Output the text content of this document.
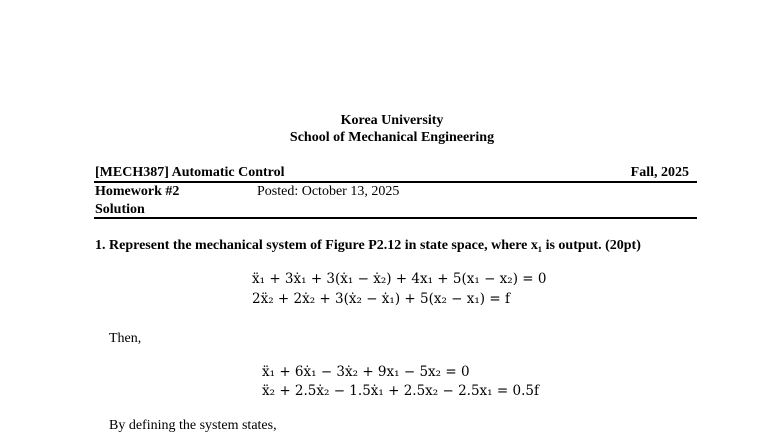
Korea University
School of Mechanical Engineering
[MECH387] Automatic Control	Fall, 2025
Homework #2	Posted: October 13, 2025
Solution
1. Represent the mechanical system of Figure P2.12 in state space, where x₁ is output. (20pt)
ẍ₁ + 3ẋ₁ + 3(ẋ₁ − ẋ₂) + 4x₁ + 5(x₁ − x₂) = 0
2ẍ₂ + 2ẋ₂ + 3(ẋ₂ − ẋ₁) + 5(x₂ − x₁) = f
Then,
ẍ₁ + 6ẋ₁ − 3ẋ₂ + 9x₁ − 5x₂ = 0
ẍ₂ + 2.5ẋ₂ − 1.5ẋ₁ + 2.5x₂ − 2.5x₁ = 0.5f
By defining the system states,
